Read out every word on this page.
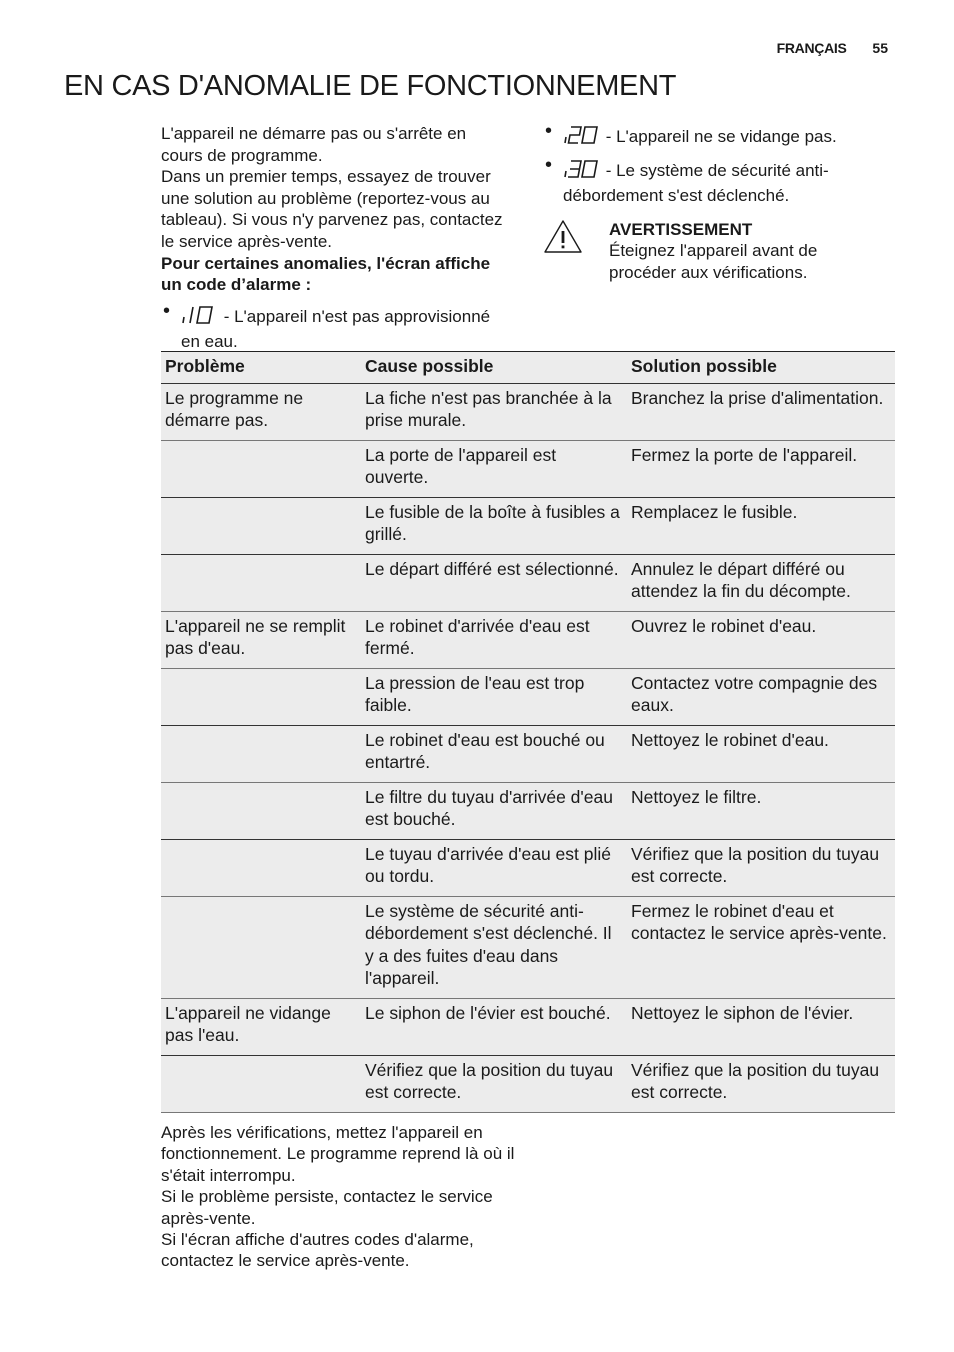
FRANÇAIS 55
EN CAS D'ANOMALIE DE FONCTIONNEMENT

L'appareil ne démarre pas ou s'arrête en cours de programme.

Dans un premier temps, essayez de trouver une solution au problème (reportez-vous au tableau). Si vous n'y parvenez pas, contactez le service après-vente.

Pour certaines anomalies, l'écran affiche un code d’alarme :

•	- L'appareil n'est pas approvisionné en eau.
•	- L'appareil ne se vidange pas.
•	- Le système de sécurité anti-débordement s'est déclenché.
AVERTISSEMENT
Éteignez l'appareil avant de procéder aux vérifications.
Problème	Cause possible	Solution possible
Le programme ne démarre pas.	La fiche n'est pas branchée à la prise murale.	Branchez la prise d'alimentation.
	La porte de l'appareil est ouverte.	Fermez la porte de l'appareil.
	Le fusible de la boîte à fusibles a grillé.	Remplacez le fusible.
	Le départ différé est sélectionné.	Annulez le départ différé ou attendez la fin du décompte.
L'appareil ne se remplit pas d'eau.	Le robinet d'arrivée d'eau est fermé.	Ouvrez le robinet d'eau.
	La pression de l'eau est trop faible.	Contactez votre compagnie des eaux.
	Le robinet d'eau est bouché ou entartré.	Nettoyez le robinet d'eau.
	Le filtre du tuyau d'arrivée d'eau est bouché.	Nettoyez le filtre.
	Le tuyau d'arrivée d'eau est plié ou tordu.	Vérifiez que la position du tuyau est correcte.
	Le système de sécurité anti-débordement s'est déclenché. Il y a des fuites d'eau dans l'appareil.	Fermez le robinet d'eau et contactez le service après-vente.
L'appareil ne vidange pas l'eau.	Le siphon de l'évier est bouché.	Nettoyez le siphon de l'évier.
	Vérifiez que la position du tuyau est correcte.	Vérifiez que la position du tuyau est correcte.

Après les vérifications, mettez l'appareil en fonctionnement. Le programme reprend là où il s'était interrompu.

Si le problème persiste, contactez le service après-vente.

Si l'écran affiche d'autres codes d'alarme, contactez le service après-vente.
